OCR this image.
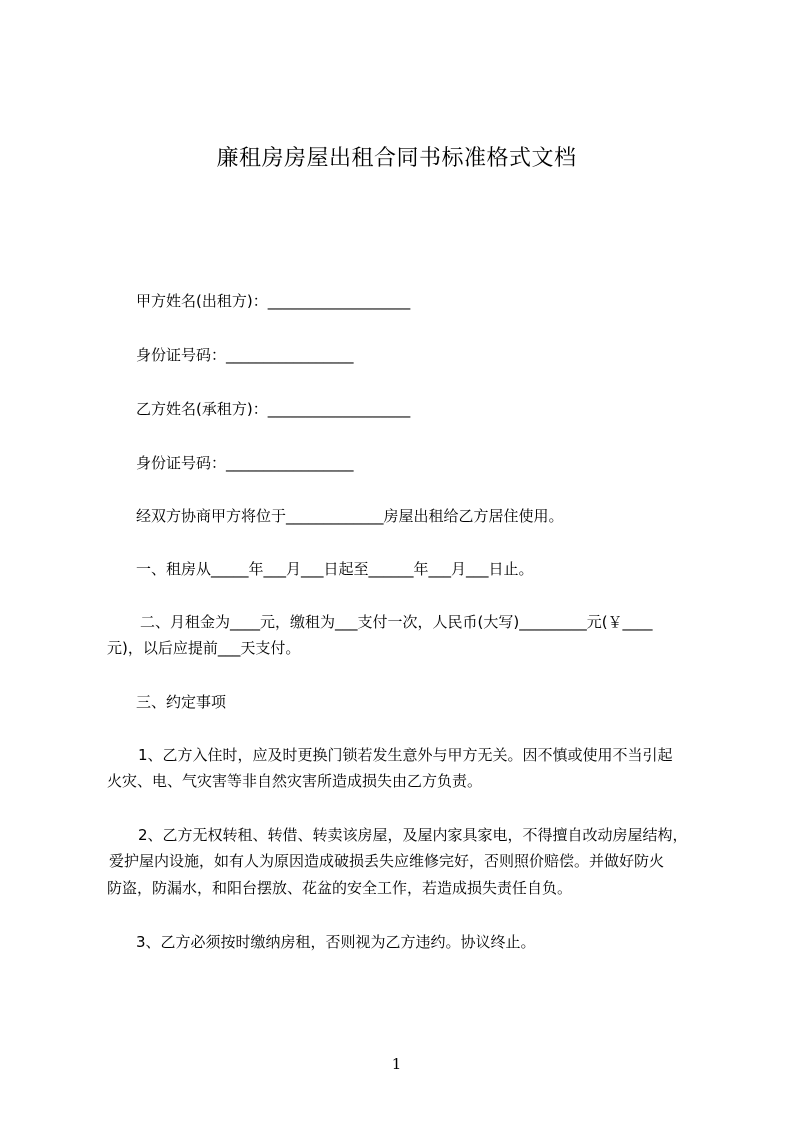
廉租房房屋出租合同书标准格式文档
甲方姓名(出租方)：___________________
身份证号码：_________________
乙方姓名(承租方)：___________________
身份证号码：_________________
经双方协商甲方将位于_____________房屋出租给乙方居住使用。
一、租房从_____年___月___日起至______年___月___日止。
二、月租金为____元，缴租为___支付一次，人民币(大写)_________元(￥____
元)，以后应提前___天支付。
三、约定事项
1、乙方入住时，应及时更换门锁若发生意外与甲方无关。因不慎或使用不当引起
火灾、电、气灾害等非自然灾害所造成损失由乙方负责。
2、乙方无权转租、转借、转卖该房屋，及屋内家具家电，不得擅自改动房屋结构，
爱护屋内设施，如有人为原因造成破损丢失应维修完好，否则照价赔偿。并做好防火
防盗，防漏水，和阳台摆放、花盆的安全工作，若造成损失责任自负。
3、乙方必须按时缴纳房租，否则视为乙方违约。协议终止。
1
